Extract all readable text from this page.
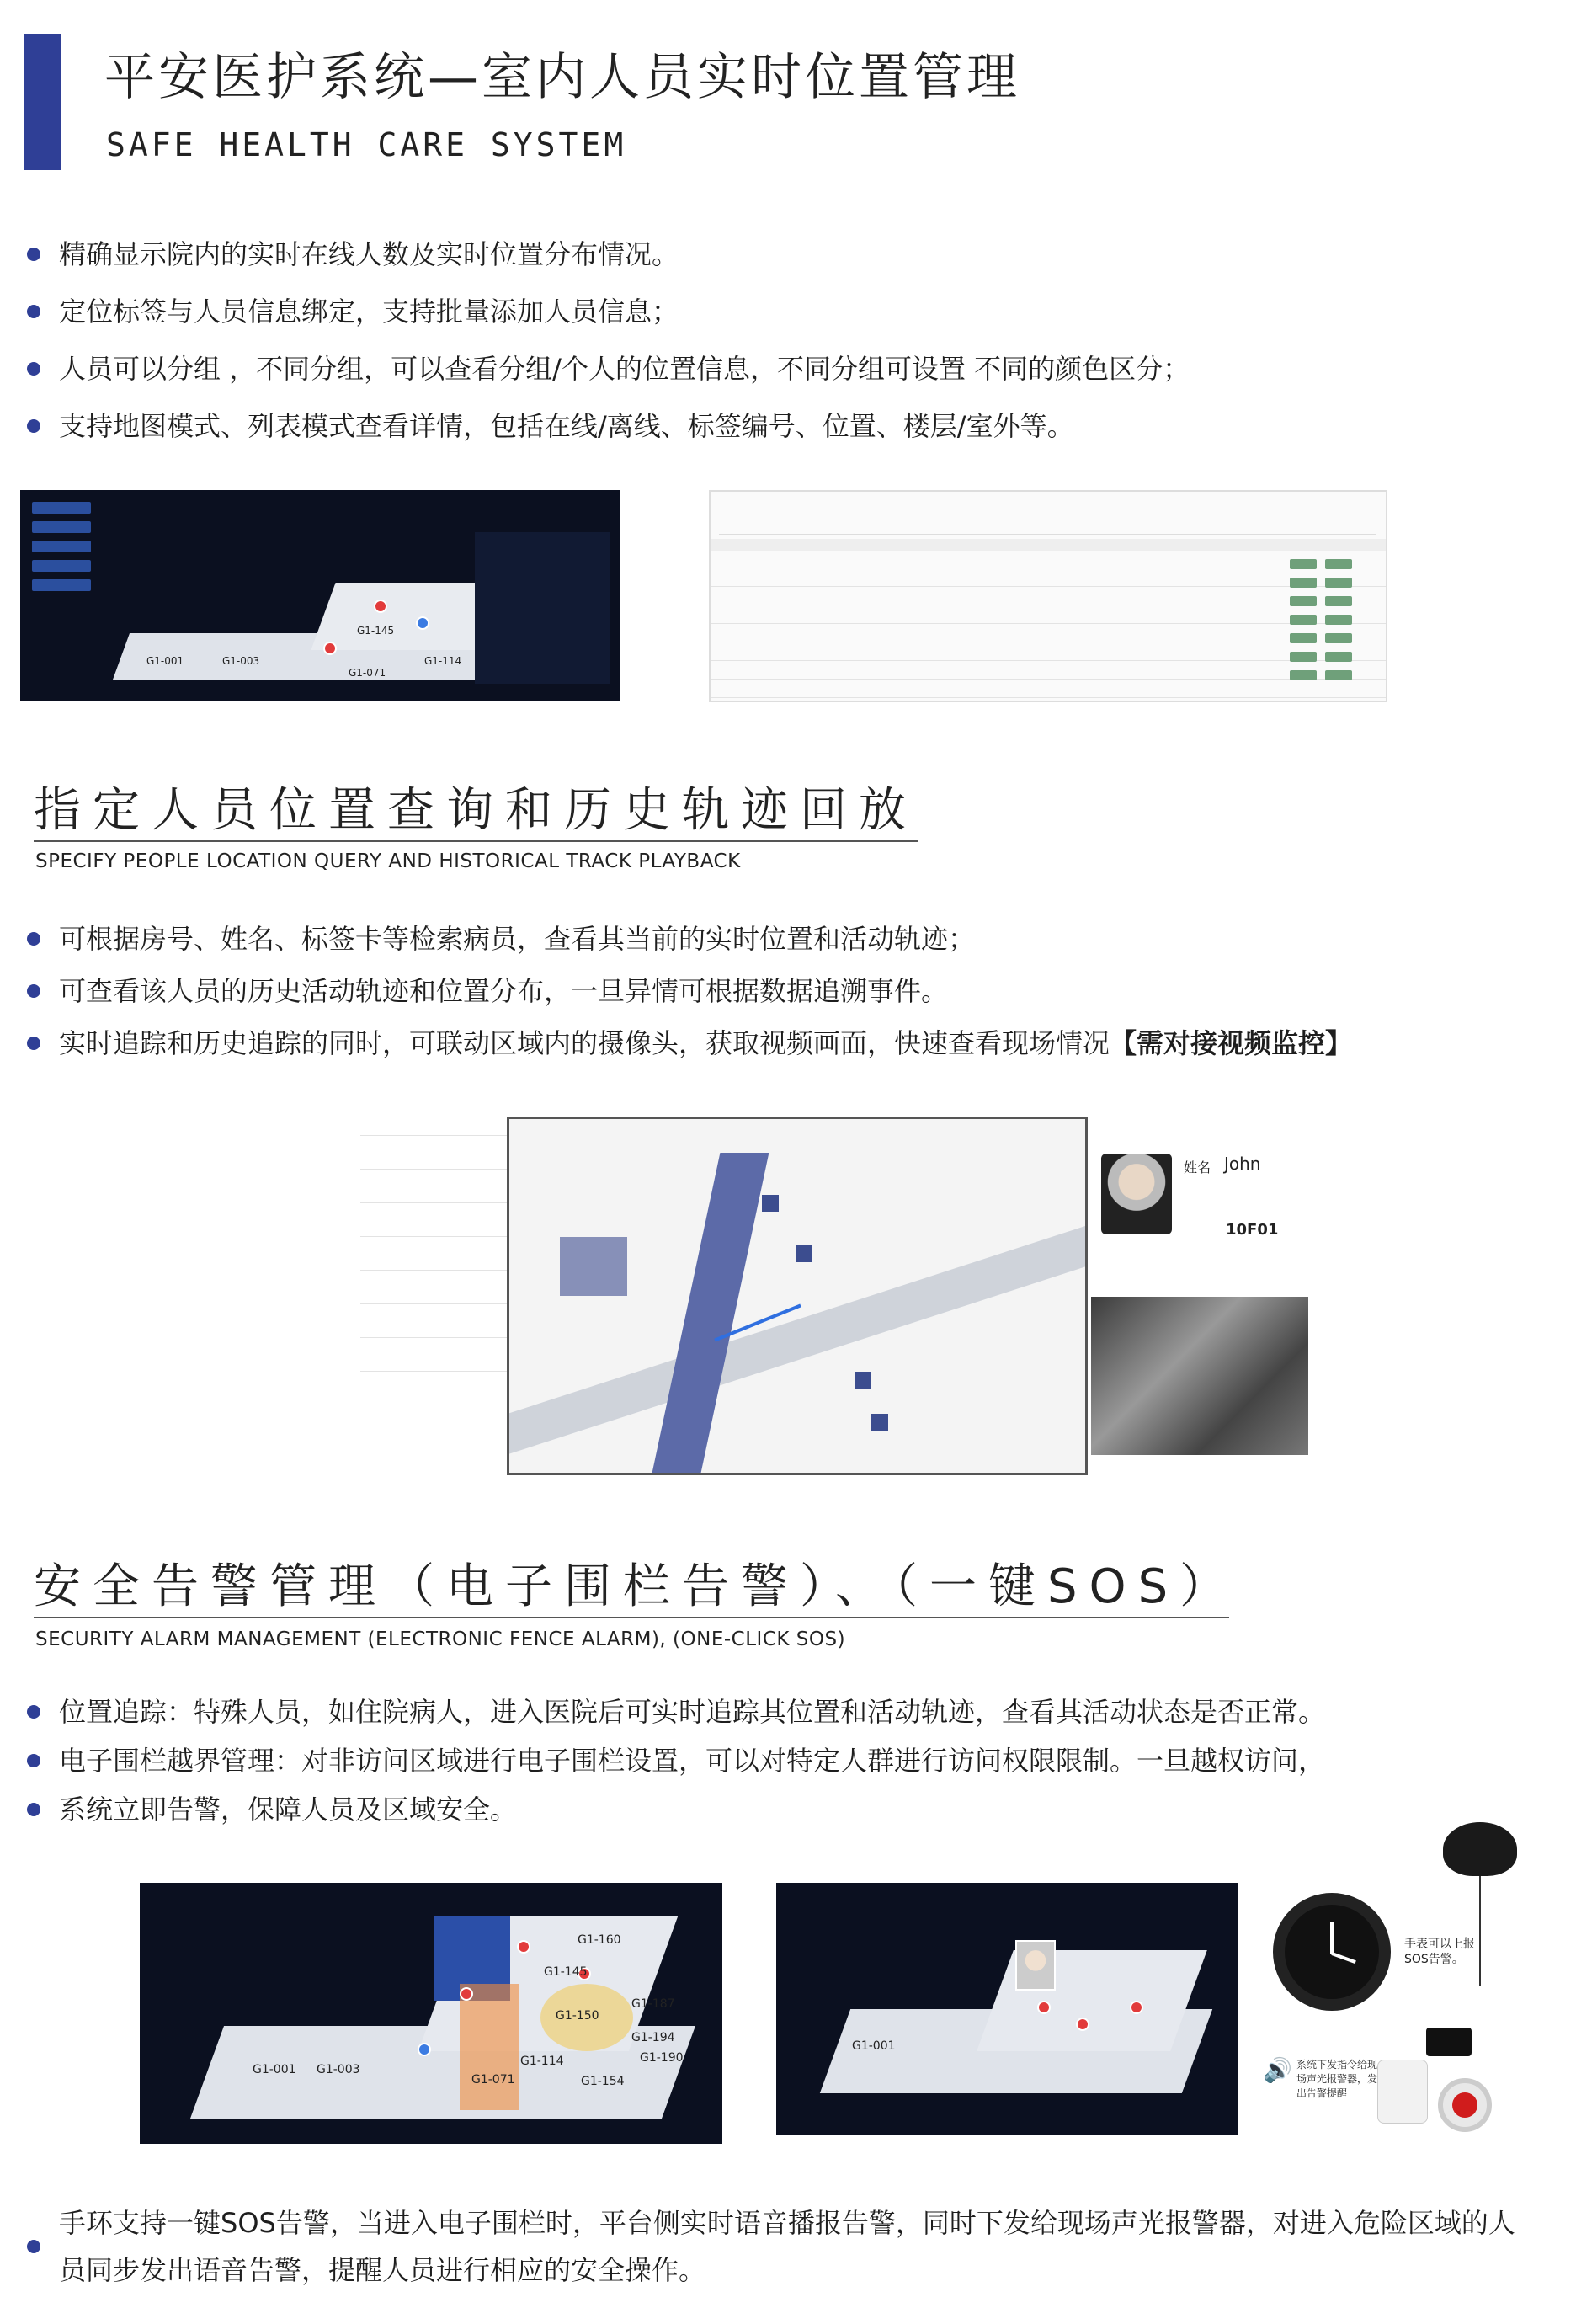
平安医护系统—室内人员实时位置管理
SAFE HEALTH CARE SYSTEM
精确显示院内的实时在线人数及实时位置分布情况。
定位标签与人员信息绑定，支持批量添加人员信息；
人员可以分组 ，不同分组，可以查看分组/个人的位置信息，不同分组可设置 不同的颜色区分；
支持地图模式、列表模式查看详情，包括在线/离线、标签编号、位置、楼层/室外等。
G1-145
G1-114
G1-071
G1-001	G1-003
指定人员位置查询和历史轨迹回放
SPECIFY PEOPLE LOCATION QUERY AND HISTORICAL TRACK PLAYBACK
可根据房号、姓名、标签卡等检索病员，查看其当前的实时位置和活动轨迹；
可查看该人员的历史活动轨迹和位置分布，一旦异情可根据数据追溯事件。
实时追踪和历史追踪的同时，可联动区域内的摄像头，获取视频画面，快速查看现场情况【需对接视频监控】
姓名 John
10F01
安全告警管理（电子围栏告警）、（一键SOS）
SECURITY ALARM MANAGEMENT (ELECTRONIC FENCE ALARM), (ONE-CLICK SOS)
位置追踪：特殊人员，如住院病人，进入医院后可实时追踪其位置和活动轨迹，查看其活动状态是否正常。
电子围栏越界管理：对非访问区域进行电子围栏设置，可以对特定人群进行访问权限限制。一旦越权访问，
系统立即告警，保障人员及区域安全。
G1-160
G1-145
G1-150
G1-001
G1-071	G1-154
G1-190
G1-187
G1-194
G1-003
G1-114
G1-001
手表可以上报SOS告警。
🔊 系统下发指令给现场声光报警器，发出告警提醒
手环支持一键SOS告警，当进入电子围栏时，平台侧实时语音播报告警，同时下发给现场声光报警器，对进入危险区域的人员同步发出语音告警，提醒人员进行相应的安全操作。
